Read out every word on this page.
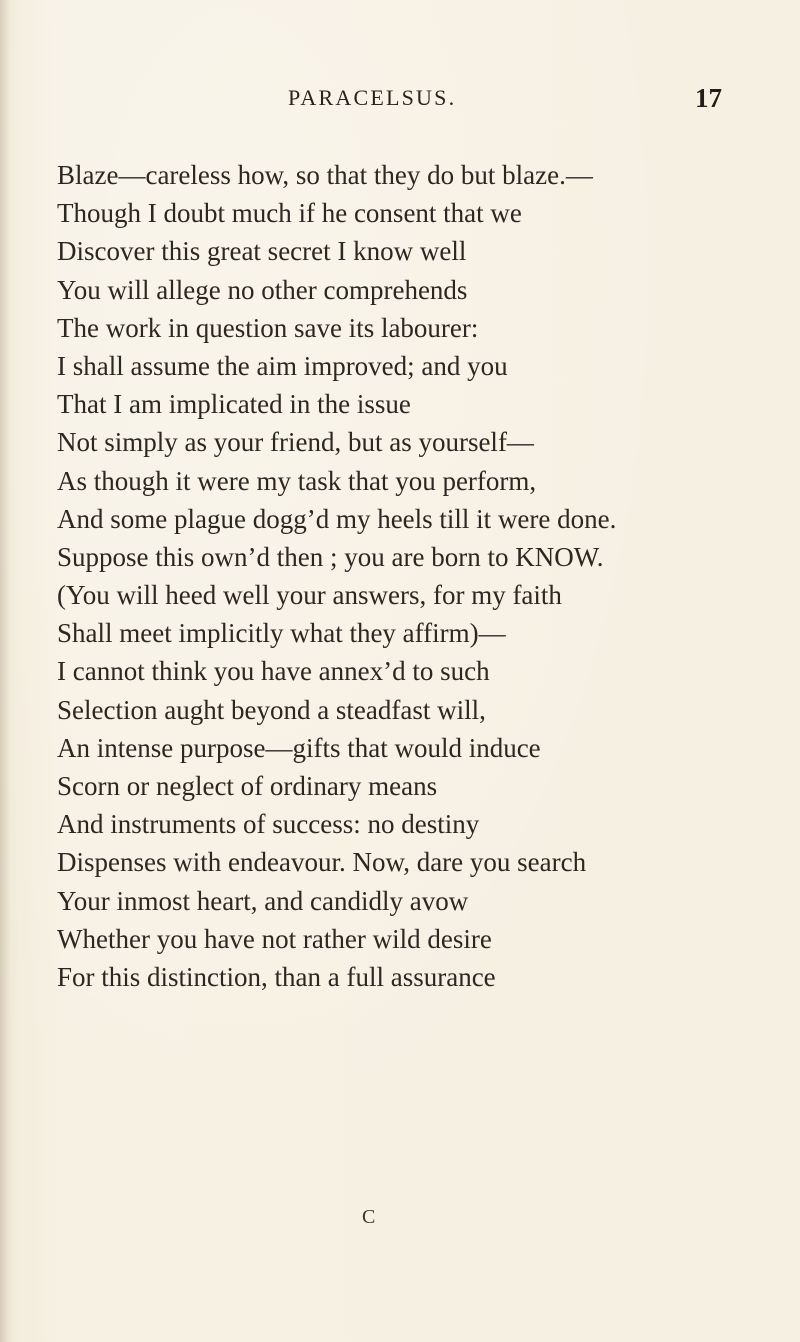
PARACELSUS.	17
Blaze—careless how, so that they do but blaze.—
Though I doubt much if he consent that we
Discover this great secret I know well
You will allege no other comprehends
The work in question save its labourer:
I shall assume the aim improved; and you
That I am implicated in the issue
Not simply as your friend, but as yourself—
As though it were my task that you perform,
And some plague dogg’d my heels till it were done.
Suppose this own’d then ; you are born to KNOW.
(You will heed well your answers, for my faith
Shall meet implicitly what they affirm)—
I cannot think you have annex’d to such
Selection aught beyond a steadfast will,
An intense purpose—gifts that would induce
Scorn or neglect of ordinary means
And instruments of success: no destiny
Dispenses with endeavour. Now, dare you search
Your inmost heart, and candidly avow
Whether you have not rather wild desire
For this distinction, than a full assurance
C
